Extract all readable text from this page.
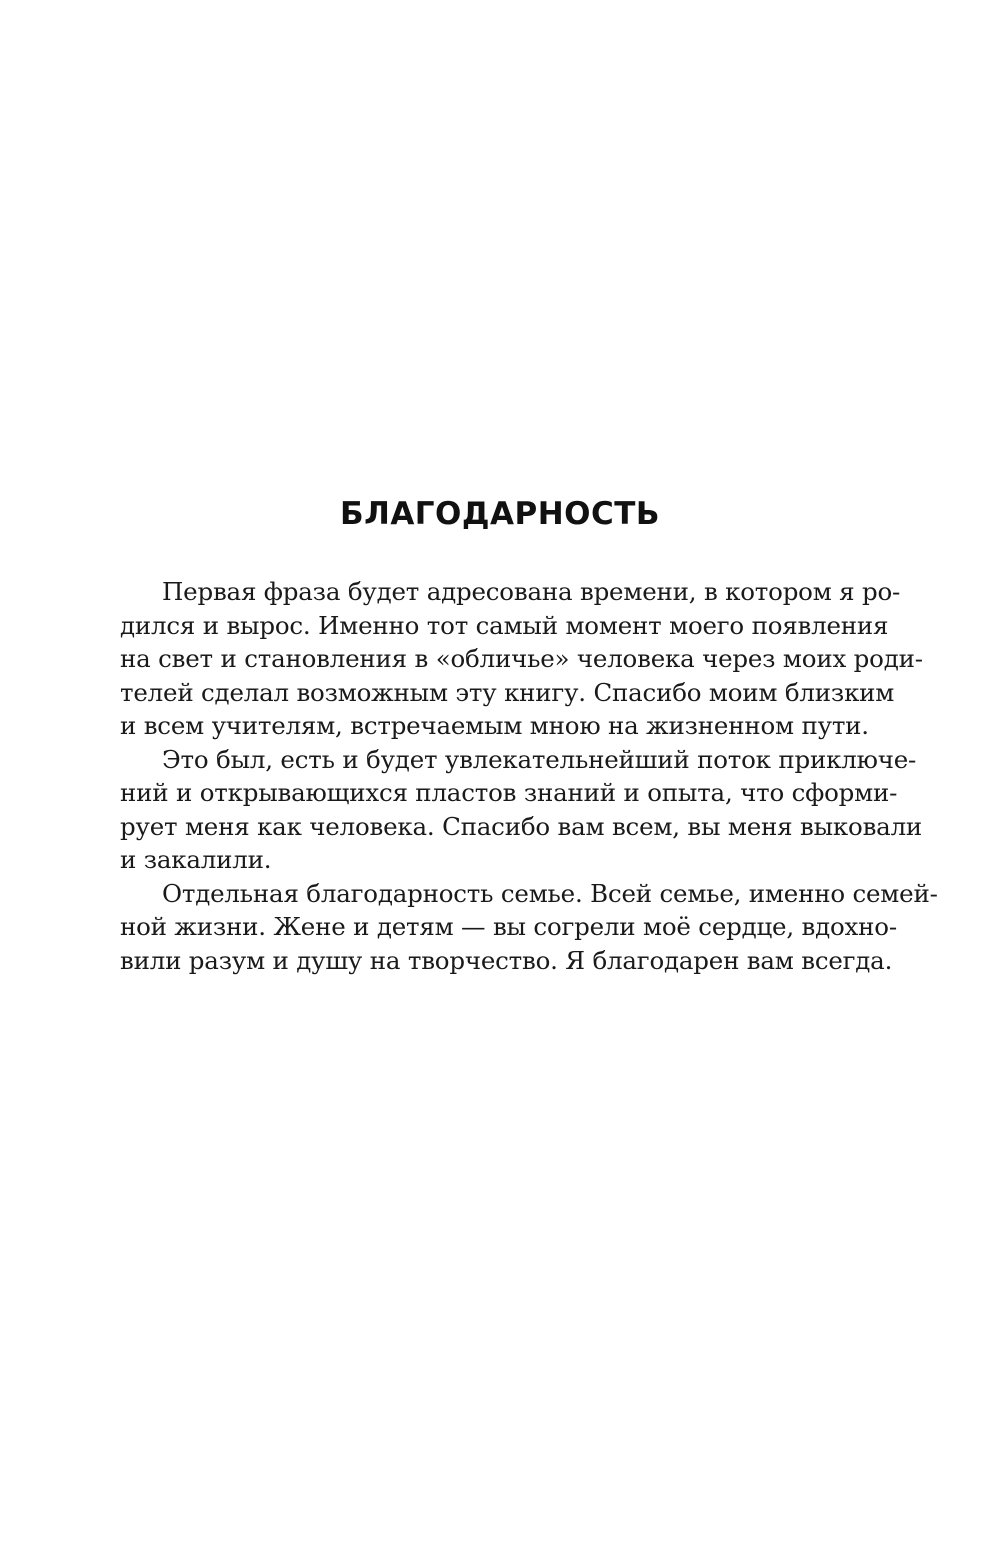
БЛАГОДАРНОСТЬ
Первая фраза будет адресована времени, в котором я ро-
дился и вырос. Именно тот самый момент моего появления
на свет и становления в «обличье» человека через моих роди-
телей сделал возможным эту книгу. Спасибо моим близким
и всем учителям, встречаемым мною на жизненном пути.
Это был, есть и будет увлекательнейший поток приключе-
ний и открывающихся пластов знаний и опыта, что сформи-
рует меня как человека. Спасибо вам всем, вы меня выковали
и закалили.
Отдельная благодарность семье. Всей семье, именно семей-
ной жизни. Жене и детям — вы согрели моё сердце, вдохно-
вили разум и душу на творчество. Я благодарен вам всегда.
